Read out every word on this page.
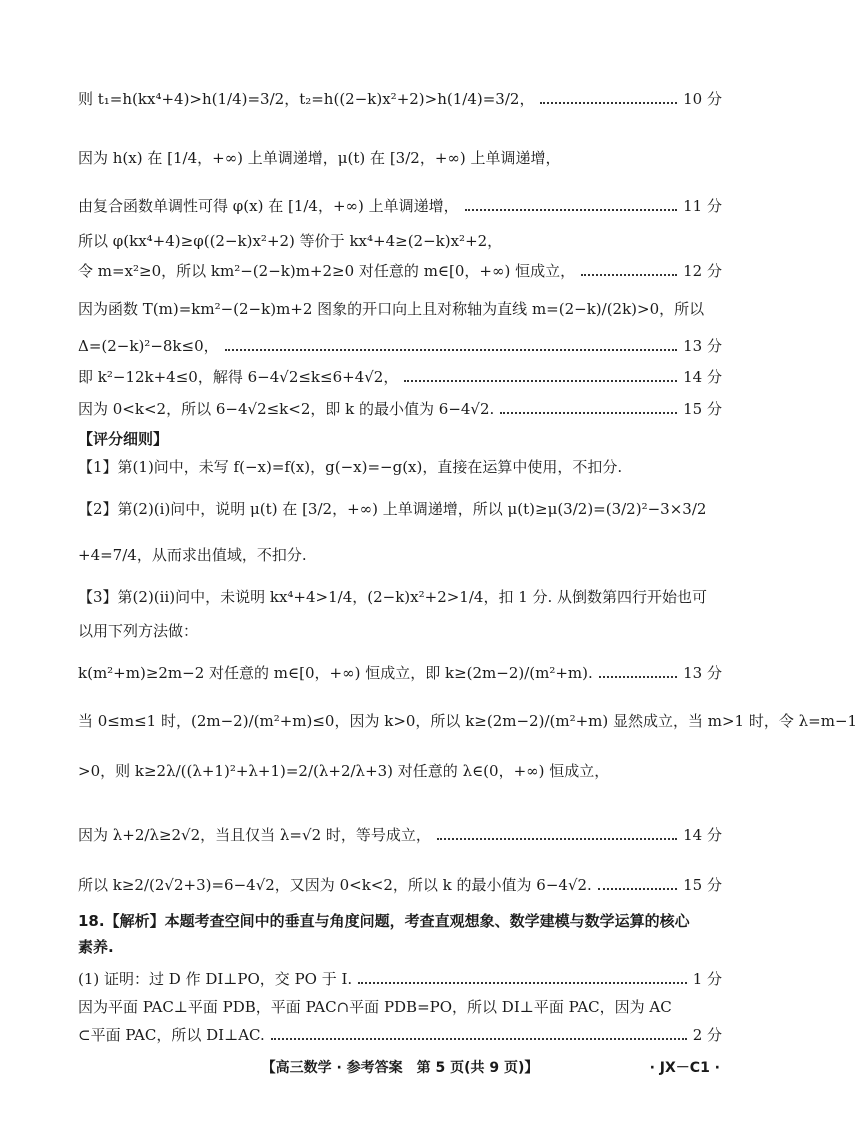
则 t₁=h(kx⁴+4)>h(1/4)=3/2，t₂=h((2−k)x²+2)>h(1/4)=3/2，	10 分
因为 h(x) 在 [1/4，+∞) 上单调递增，μ(t) 在 [3/2，+∞) 上单调递增，
由复合函数单调性可得 φ(x) 在 [1/4，+∞) 上单调递增，	11 分
所以 φ(kx⁴+4)≥φ((2−k)x²+2) 等价于 kx⁴+4≥(2−k)x²+2，
令 m=x²≥0，所以 km²−(2−k)m+2≥0 对任意的 m∈[0，+∞) 恒成立，	12 分
因为函数 T(m)=km²−(2−k)m+2 图象的开口向上且对称轴为直线 m=(2−k)/(2k)>0，所以
Δ=(2−k)²−8k≤0，	13 分
即 k²−12k+4≤0，解得 6−4√2≤k≤6+4√2，	14 分
因为 0<k<2，所以 6−4√2≤k<2，即 k 的最小值为 6−4√2.	15 分
【评分细则】
【1】第(1)问中，未写 f(−x)=f(x)，g(−x)=−g(x)，直接在运算中使用，不扣分.
【2】第(2)(ⅰ)问中，说明 μ(t) 在 [3/2，+∞) 上单调递增，所以 μ(t)≥μ(3/2)=(3/2)²−3×3/2
+4=7/4，从而求出值域，不扣分.
【3】第(2)(ⅱ)问中，未说明 kx⁴+4>1/4，(2−k)x²+2>1/4，扣 1 分. 从倒数第四行开始也可
以用下列方法做：
k(m²+m)≥2m−2 对任意的 m∈[0，+∞) 恒成立，即 k≥(2m−2)/(m²+m).	13 分
当 0≤m≤1 时，(2m−2)/(m²+m)≤0，因为 k>0，所以 k≥(2m−2)/(m²+m) 显然成立，当 m>1 时，令 λ=m−1
>0，则 k≥2λ/((λ+1)²+λ+1)=2/(λ+2/λ+3) 对任意的 λ∈(0，+∞) 恒成立，
因为 λ+2/λ≥2√2，当且仅当 λ=√2 时，等号成立，	14 分
所以 k≥2/(2√2+3)=6−4√2，又因为 0<k<2，所以 k 的最小值为 6−4√2.	15 分
18.【解析】本题考查空间中的垂直与角度问题，考查直观想象、数学建模与数学运算的核心
素养.
(1) 证明：过 D 作 DI⊥PO，交 PO 于 I.	1 分
因为平面 PAC⊥平面 PDB，平面 PAC∩平面 PDB=PO，所以 DI⊥平面 PAC，因为 AC
⊂平面 PAC，所以 DI⊥AC.	2 分
【高三数学 · 参考答案　第 5 页(共 9 页)】	· JX－C1 ·
